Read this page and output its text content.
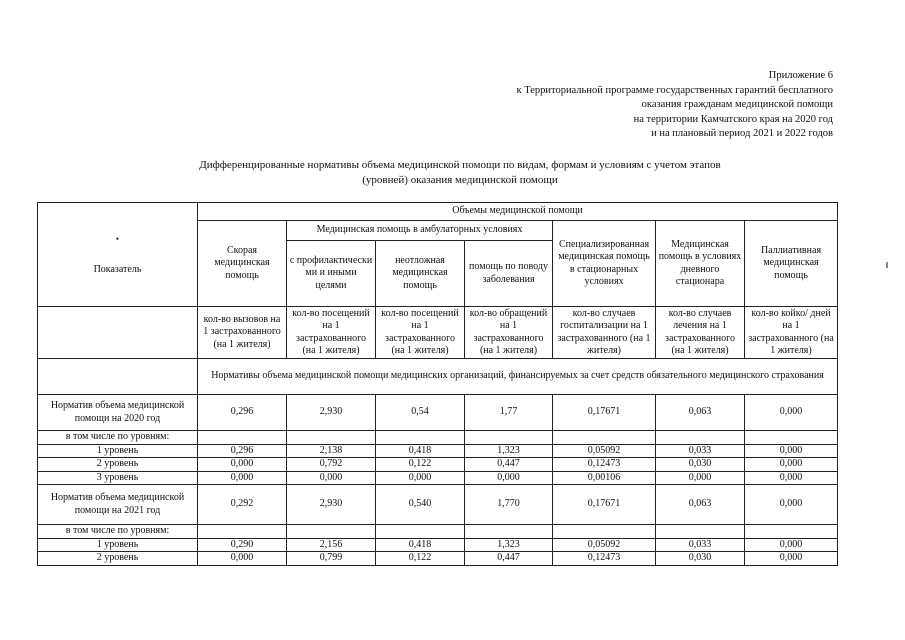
Приложение 6
к Территориальной программе государственных гарантий бесплатного
оказания гражданам медицинской помощи
на территории Камчатского края на 2020 год
и на плановый период 2021 и 2022 годов
Дифференцированные нормативы объема медицинской помощи по видам, формам и условиям с учетом этапов
(уровней) оказания медицинской помощи
•
Показатель	Объемы медицинской помощи						
	Скорая медицинская помощь	Медицинская помощь в амбулаторных условиях			Специализированная медицинская помощь в стационарных условиях	Медицинская помощь в условиях дневного стационара	Паллиативная медицинская помощь
		с профилактически ми и иными целями	неотложная медицинская помощь	помощь по поводу заболевания			
	кол-во вызовов на 1 застрахованного (на 1 жителя)	кол-во посещений на 1 застрахованного (на 1 жителя)	кол-во посещений на 1 застрахованного (на 1 жителя)	кол-во обращений на 1 застрахованного (на 1 жителя)	кол-во случаев госпитализации на 1 застрахованного (на 1 жителя)	кол-во случаев лечения на 1 застрахованного (на 1 жителя)	кол-во койко/ дней на 1 застрахованного (на 1 жителя)
	Нормативы объема медицинской помощи медицинских организаций, финансируемых за счет средств обязательного медицинского страхования						
Норматив объема медицинской помощи на 2020 год	0,296	2,930	0,54	1,77	0,17671	0,063	0,000
в том числе по уровням:							
1 уровень	0,296	2,138	0,418	1,323	0,05092	0,033	0,000
2 уровень	0,000	0,792	0,122	0,447	0,12473	0,030	0,000
3 уровень	0,000	0,000	0,000	0,000	0,00106	0,000	0,000
Норматив объема медицинской помощи на 2021 год	0,292	2,930	0,540	1,770	0,17671	0,063	0,000
в том числе по уровням:							
1 уровень	0,290	2,156	0,418	1,323	0,05092	0,033	0,000
2 уровень	0,000	0,799	0,122	0,447	0,12473	0,030	0,000
